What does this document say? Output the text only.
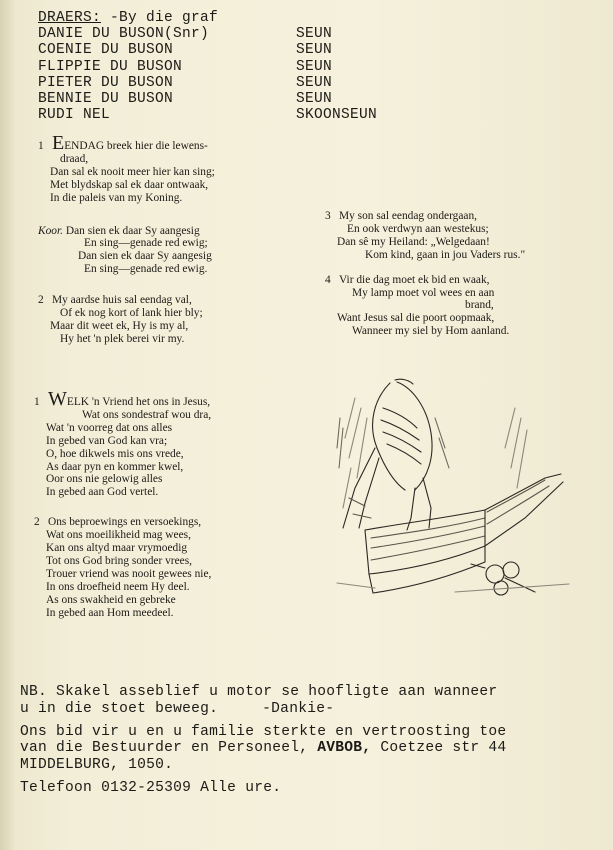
DRAERS: -By die graf
DANIE DU BUSON(Snr)	SEUN
COENIE DU BUSON	SEUN
FLIPPIE DU BUSON	SEUN
PIETER DU BUSON	SEUN
BENNIE DU BUSON	SEUN
RUDI NEL	SKOONSEUN
1 EENDAG breek hier die lewens-
draad,
Dan sal ek nooit meer hier kan sing;
Met blydskap sal ek daar ontwaak,
In die paleis van my Koning.
Koor. Dan sien ek daar Sy aangesig
En sing—genade red ewig;
Dan sien ek daar Sy aangesig
En sing—genade red ewig.
2 My aardse huis sal eendag val,
Of ek nog kort of lank hier bly;
Maar dit weet ek, Hy is my al,
Hy het 'n plek berei vir my.
3 My son sal eendag ondergaan,
En ook verdwyn aan westekus;
Dan sê my Heiland: „Welgedaan!
Kom kind, gaan in jou Vaders rus."
4 Vir die dag moet ek bid en waak,
My lamp moet vol wees en aan
brand,
Want Jesus sal die poort oopmaak,
Wanneer my siel by Hom aanland.
1 WELK 'n Vriend het ons in Jesus,
Wat ons sondestraf wou dra,
Wat 'n voorreg dat ons alles
In gebed van God kan vra;
O, hoe dikwels mis ons vrede,
As daar pyn en kommer kwel,
Oor ons nie gelowig alles
In gebed aan God vertel.
2 Ons beproewings en versoekings,
Wat ons moeilikheid mag wees,
Kan ons altyd maar vrymoedig
Tot ons God bring sonder vrees,
Trouer vriend was nooit gewees nie,
In ons droefheid neem Hy deel.
As ons swakheid en gebreke
In gebed aan Hom meedeel.
NB. Skakel asseblief u motor se hoofligte aan wanneer
u in die stoet beweeg.	-Dankie-
Ons bid vir u en u familie sterkte en vertroosting toe
van die Bestuurder en Personeel, AVBOB, Coetzee str 44
MIDDELBURG, 1050.
Telefoon 0132-25309 Alle ure.
